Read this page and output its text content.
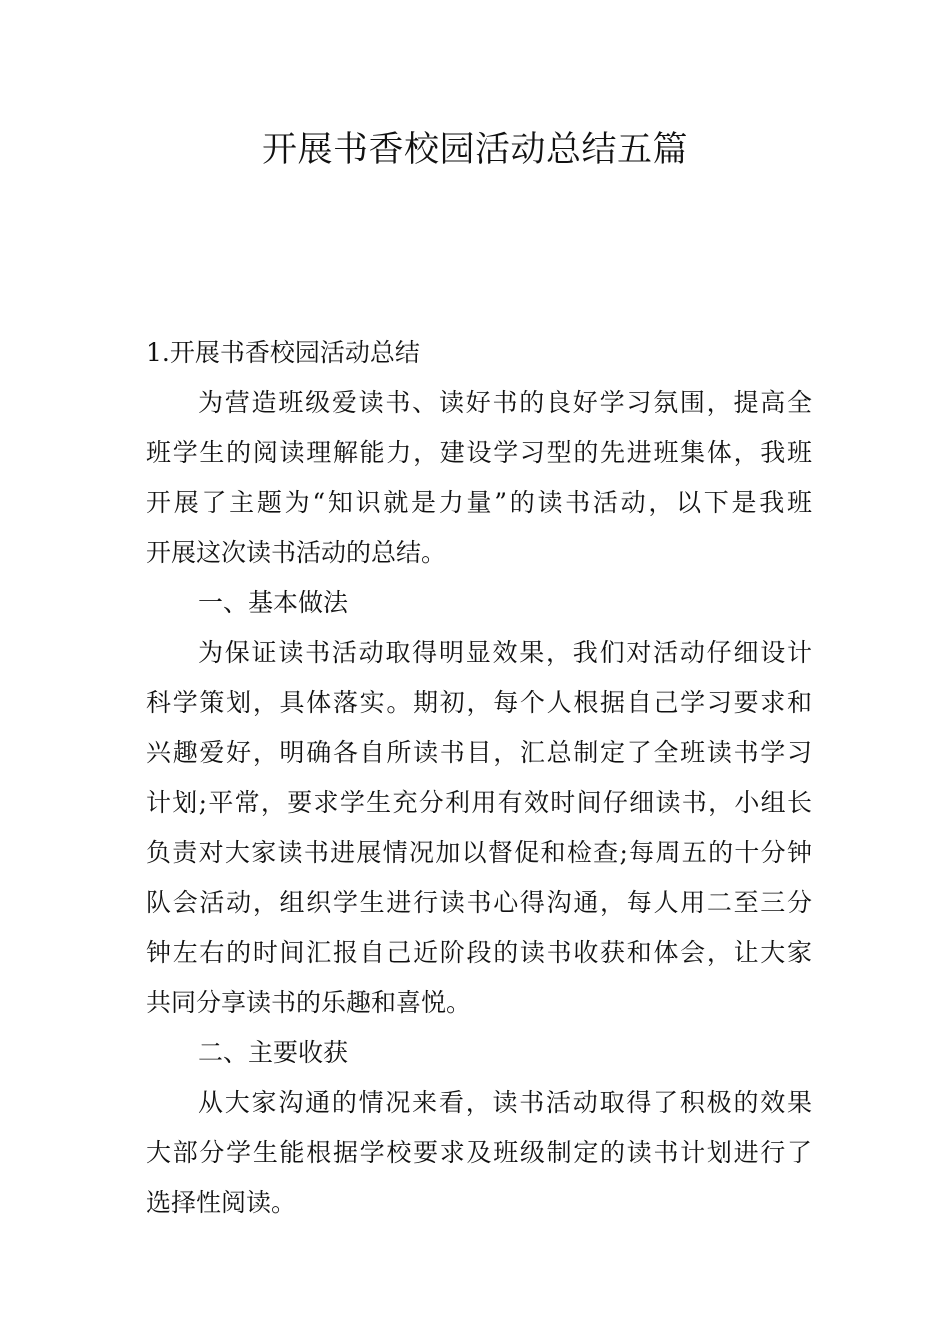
开展书香校园活动总结五篇
1.开展书香校园活动总结
为营造班级爱读书、读好书的良好学习氛围，提高全
班学生的阅读理解能力，建设学习型的先进班集体，我班
开展了主题为“知识就是力量”的读书活动，以下是我班
开展这次读书活动的总结。
一、基本做法
为保证读书活动取得明显效果，我们对活动仔细设计
科学策划，具体落实。期初，每个人根据自己学习要求和
兴趣爱好，明确各自所读书目，汇总制定了全班读书学习
计划;平常，要求学生充分利用有效时间仔细读书，小组长
负责对大家读书进展情况加以督促和检查;每周五的十分钟
队会活动，组织学生进行读书心得沟通，每人用二至三分
钟左右的时间汇报自己近阶段的读书收获和体会，让大家
共同分享读书的乐趣和喜悦。
二、主要收获
从大家沟通的情况来看，读书活动取得了积极的效果
大部分学生能根据学校要求及班级制定的读书计划进行了
选择性阅读。
